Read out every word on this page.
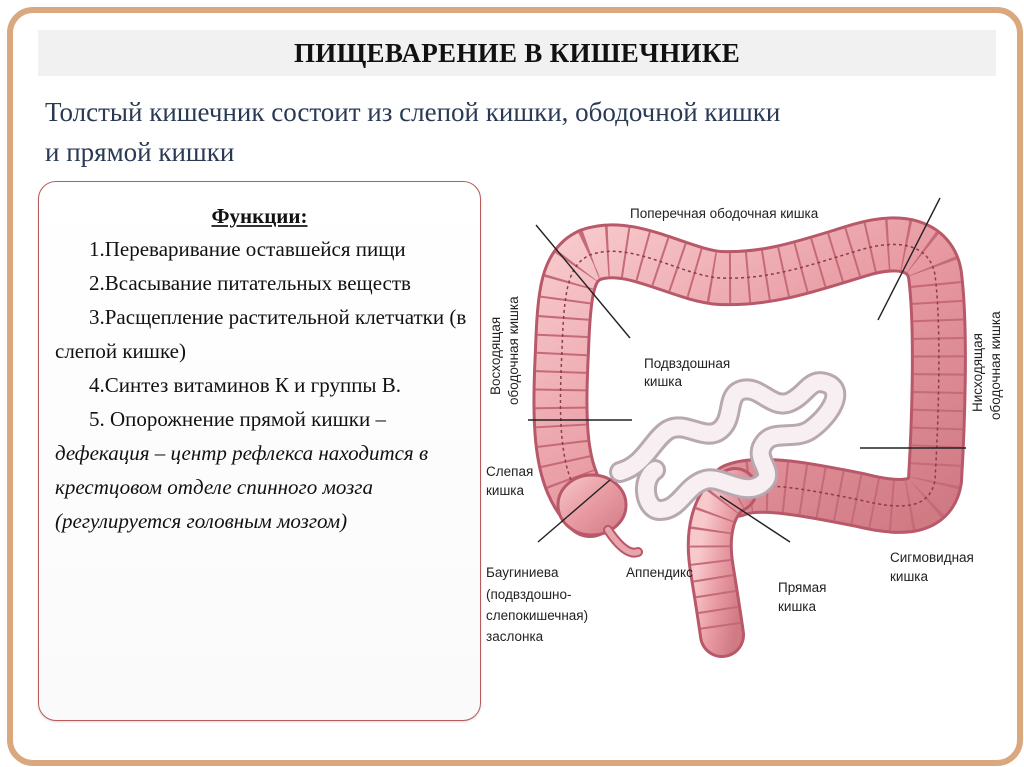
ПИЩЕВАРЕНИЕ В КИШЕЧНИКЕ
Толстый кишечник состоит из слепой кишки, ободочной кишки
и прямой кишки
Функции:

1.Переваривание оставшейся пищи

2.Всасывание питательных веществ

3.Расщепление растительной клетчатки (в слепой кишке)

4.Синтез витаминов К и группы В.

5. Опорожнение прямой кишки – дефекация – центр рефлекса находится в крестцовом отделе спинного мозга (регулируется головным мозгом)

Поперечная ободочная кишка
Восходящая ободочная кишка	Нисходящая ободочная кишка
Подвздошная
кишка
Слепая
кишка
Аппендикс
Прямая
кишка
Сигмовидная
кишка
Баугиниева
(подвздошно-
слепокишечная)
заслонка
